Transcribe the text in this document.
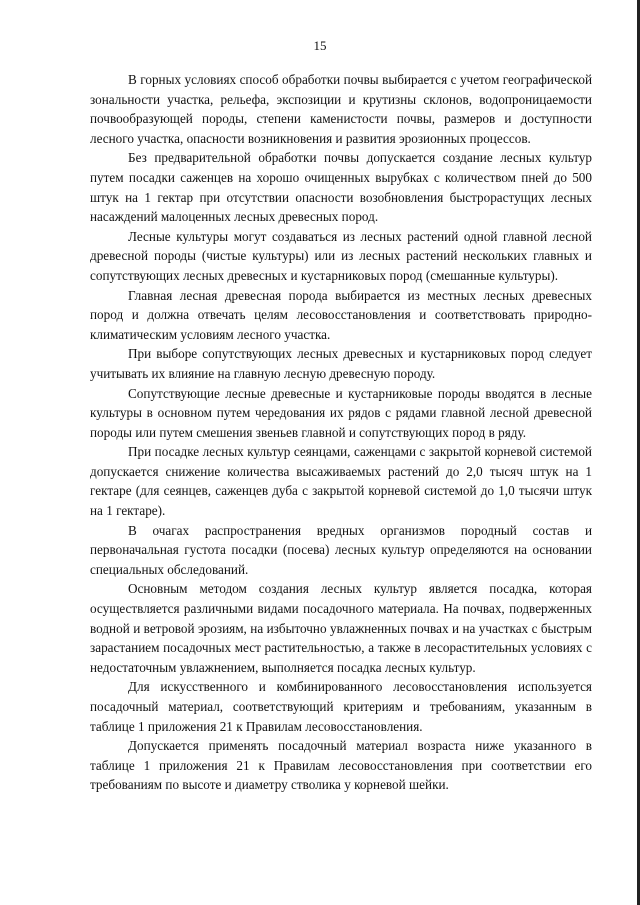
15

В горных условиях способ обработки почвы выбирается с учетом географической зональности участка, рельефа, экспозиции и крутизны склонов, водопроницаемости почвообразующей породы, степени каменистости почвы, размеров и доступности лесного участка, опасности возникновения и развития эрозионных процессов.

Без предварительной обработки почвы допускается создание лесных культур путем посадки саженцев на хорошо очищенных вырубках с количеством пней до 500 штук на 1 гектар при отсутствии опасности возобновления быстрорастущих лесных насаждений малоценных лесных древесных пород.

Лесные культуры могут создаваться из лесных растений одной главной лесной древесной породы (чистые культуры) или из лесных растений нескольких главных и сопутствующих лесных древесных и кустарниковых пород (смешанные культуры).

Главная лесная древесная порода выбирается из местных лесных древесных пород и должна отвечать целям лесовосстановления и соответствовать природно-климатическим условиям лесного участка.

При выборе сопутствующих лесных древесных и кустарниковых пород следует учитывать их влияние на главную лесную древесную породу.

Сопутствующие лесные древесные и кустарниковые породы вводятся в лесные культуры в основном путем чередования их рядов с рядами главной лесной древесной породы или путем смешения звеньев главной и сопутствующих пород в ряду.

При посадке лесных культур сеянцами, саженцами с закрытой корневой системой допускается снижение количества высаживаемых растений до 2,0 тысяч штук на 1 гектаре (для сеянцев, саженцев дуба с закрытой корневой системой до 1,0 тысячи штук на 1 гектаре).

В очагах распространения вредных организмов породный состав и первоначальная густота посадки (посева) лесных культур определяются на основании специальных обследований.

Основным методом создания лесных культур является посадка, которая осуществляется различными видами посадочного материала. На почвах, подверженных водной и ветровой эрозиям, на избыточно увлажненных почвах и на участках с быстрым зарастанием посадочных мест растительностью, а также в лесорастительных условиях с недостаточным увлажнением, выполняется посадка лесных культур.

Для искусственного и комбинированного лесовосстановления используется посадочный материал, соответствующий критериям и требованиям, указанным в таблице 1 приложения 21 к Правилам лесовосстановления.

Допускается применять посадочный материал возраста ниже указанного в таблице 1 приложения 21 к Правилам лесовосстановления при соответствии его требованиям по высоте и диаметру стволика у корневой шейки.
